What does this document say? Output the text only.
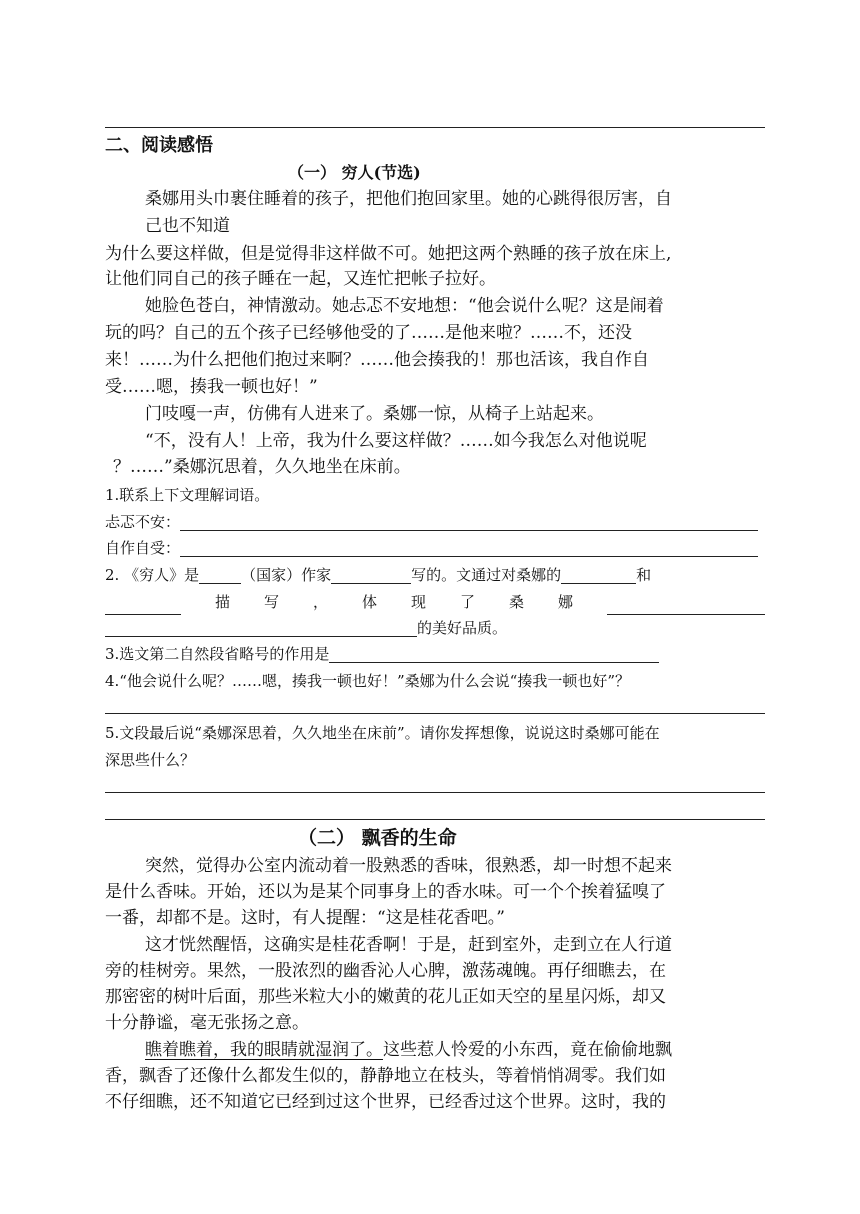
二、阅读感悟
（一） 穷人(节选)
桑娜用头巾裹住睡着的孩子，把他们抱回家里。她的心跳得很厉害，自
己也不知道
为什么要这样做，但是觉得非这样做不可。她把这两个熟睡的孩子放在床上,
让他们同自己的孩子睡在一起，又连忙把帐子拉好。
她脸色苍白，神情激动。她忐忑不安地想：“他会说什么呢？这是闹着
玩的吗？自己的五个孩子已经够他受的了……是他来啦？……不，还没
来！……为什么把他们抱过来啊？……他会揍我的！那也活该，我自作自
受……嗯，揍我一顿也好！”
门吱嘎一声，仿佛有人进来了。桑娜一惊，从椅子上站起来。
“不，没有人！上帝，我为什么要这样做？……如今我怎么对他说呢
？……”桑娜沉思着，久久地坐在床前。
1.联系上下文理解词语。
忐忑不安：
自作自受：
2. 《穷人》是	（国家）作家	写的。文通过对桑娜的	和
描 写 ， 体 现 了 桑 娜
的美好品质。
3.选文第二自然段省略号的作用是
4.“他会说什么呢？……嗯，揍我一顿也好！”桑娜为什么会说“揍我一顿也好”？
5.文段最后说“桑娜深思着，久久地坐在床前”。请你发挥想像，说说这时桑娜可能在
深思些什么？
（二） 飘香的生命
突然，觉得办公室内流动着一股熟悉的香味，很熟悉，却一时想不起来
是什么香味。开始，还以为是某个同事身上的香水味。可一个个挨着猛嗅了
一番，却都不是。这时，有人提醒：“这是桂花香吧。”
这才恍然醒悟，这确实是桂花香啊！于是，赶到室外，走到立在人行道
旁的桂树旁。果然，一股浓烈的幽香沁人心脾，激荡魂魄。再仔细瞧去，在
那密密的树叶后面，那些米粒大小的嫩黄的花儿正如天空的星星闪烁，却又
十分静谧，毫无张扬之意。
瞧着瞧着，我的眼睛就湿润了。这些惹人怜爱的小东西，竟在偷偷地飘
香，飘香了还像什么都发生似的，静静地立在枝头，等着悄悄凋零。我们如
不仔细瞧，还不知道它已经到过这个世界，已经香过这个世界。这时，我的
